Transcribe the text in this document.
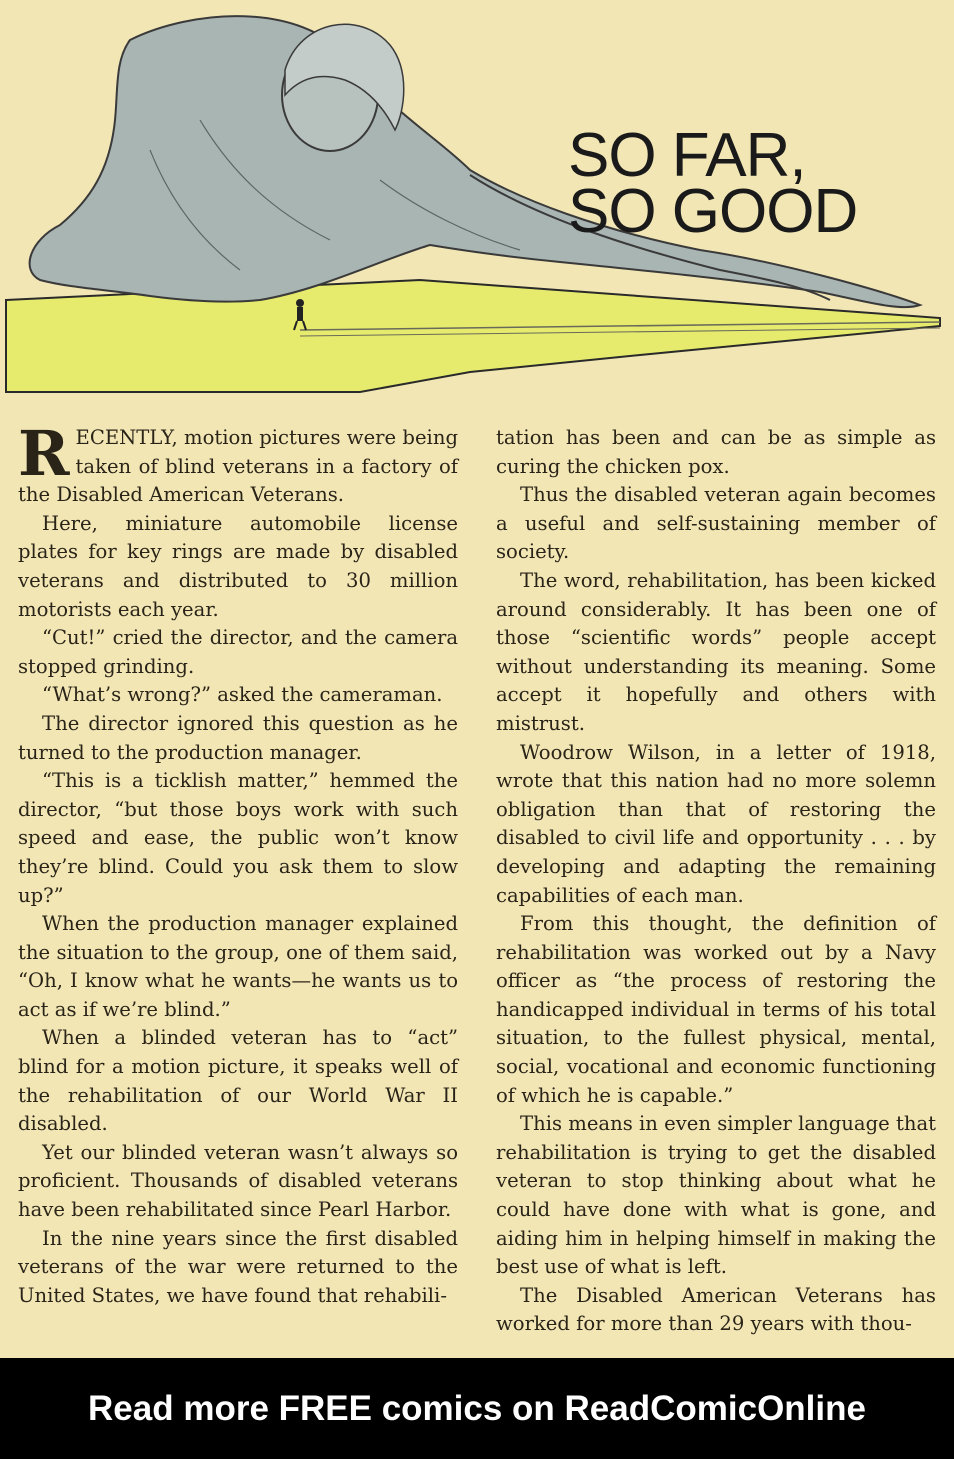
SO FAR,
SO GOOD

RECENTLY, motion pictures were being taken of blind veterans in a factory of the Disabled American Veterans.

Here, miniature automobile license plates for key rings are made by disabled veterans and distributed to 30 million motorists each year.

“Cut!” cried the director, and the camera stopped grinding.

“What’s wrong?” asked the cameraman.

The director ignored this question as he turned to the production manager.

“This is a ticklish matter,” hemmed the director, “but those boys work with such speed and ease, the public won’t know they’re blind. Could you ask them to slow up?”

When the production manager explained the situation to the group, one of them said, “Oh, I know what he wants—he wants us to act as if we’re blind.”

When a blinded veteran has to “act” blind for a motion picture, it speaks well of the rehabilitation of our World War II disabled.

Yet our blinded veteran wasn’t always so proficient. Thousands of disabled veterans have been rehabilitated since Pearl Harbor.

In the nine years since the first disabled veterans of the war were returned to the United States, we have found that rehabili-

tation has been and can be as simple as curing the chicken pox.

Thus the disabled veteran again becomes a useful and self-sustaining member of society.

The word, rehabilitation, has been kicked around considerably. It has been one of those “scientific words” people accept without understanding its meaning. Some accept it hopefully and others with mistrust.

Woodrow Wilson, in a letter of 1918, wrote that this nation had no more solemn obligation than that of restoring the disabled to civil life and opportunity . . . by developing and adapting the remaining capabilities of each man.

From this thought, the definition of rehabilitation was worked out by a Navy officer as “the process of restoring the handicapped individual in terms of his total situation, to the fullest physical, mental, social, vocational and economic functioning of which he is capable.”

This means in even simpler language that rehabilitation is trying to get the disabled veteran to stop thinking about what he could have done with what is gone, and aiding him in helping himself in making the best use of what is left.

The Disabled American Veterans has worked for more than 29 years with thou-

Read more FREE comics on ReadComicOnline
